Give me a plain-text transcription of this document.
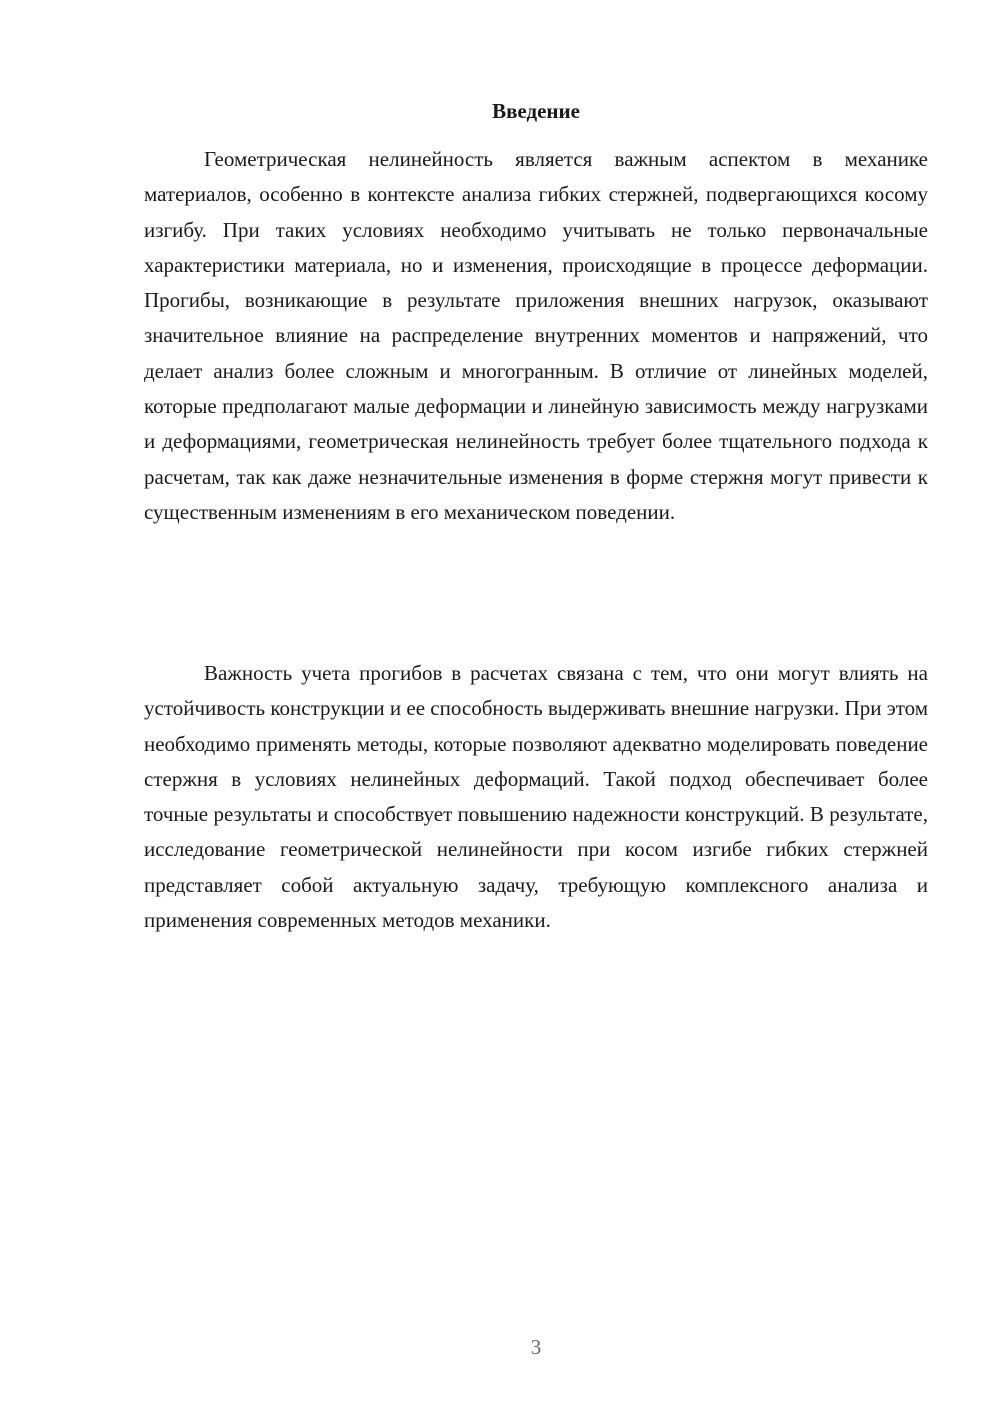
Введение

Геометрическая нелинейность является важным аспектом в механике материалов, особенно в контексте анализа гибких стержней, подвергающихся косому изгибу. При таких условиях необходимо учитывать не только первоначальные характеристики материала, но и изменения, происходящие в процессе деформации. Прогибы, возникающие в результате приложения внешних нагрузок, оказывают значительное влияние на распределение внутренних моментов и напряжений, что делает анализ более сложным и многогранным. В отличие от линейных моделей, которые предполагают малые деформации и линейную зависимость между нагрузками и деформациями, геометрическая нелинейность требует более тщательного подхода к расчетам, так как даже незначительные изменения в форме стержня могут привести к существенным изменениям в его механическом поведении.

Важность учета прогибов в расчетах связана с тем, что они могут влиять на устойчивость конструкции и ее способность выдерживать внешние нагрузки. При этом необходимо применять методы, которые позволяют адекватно моделировать поведение стержня в условиях нелинейных деформаций. Такой подход обеспечивает более точные результаты и способствует повышению надежности конструкций. В результате, исследование геометрической нелинейности при косом изгибе гибких стержней представляет собой актуальную задачу, требующую комплексного анализа и применения современных методов механики.

3
